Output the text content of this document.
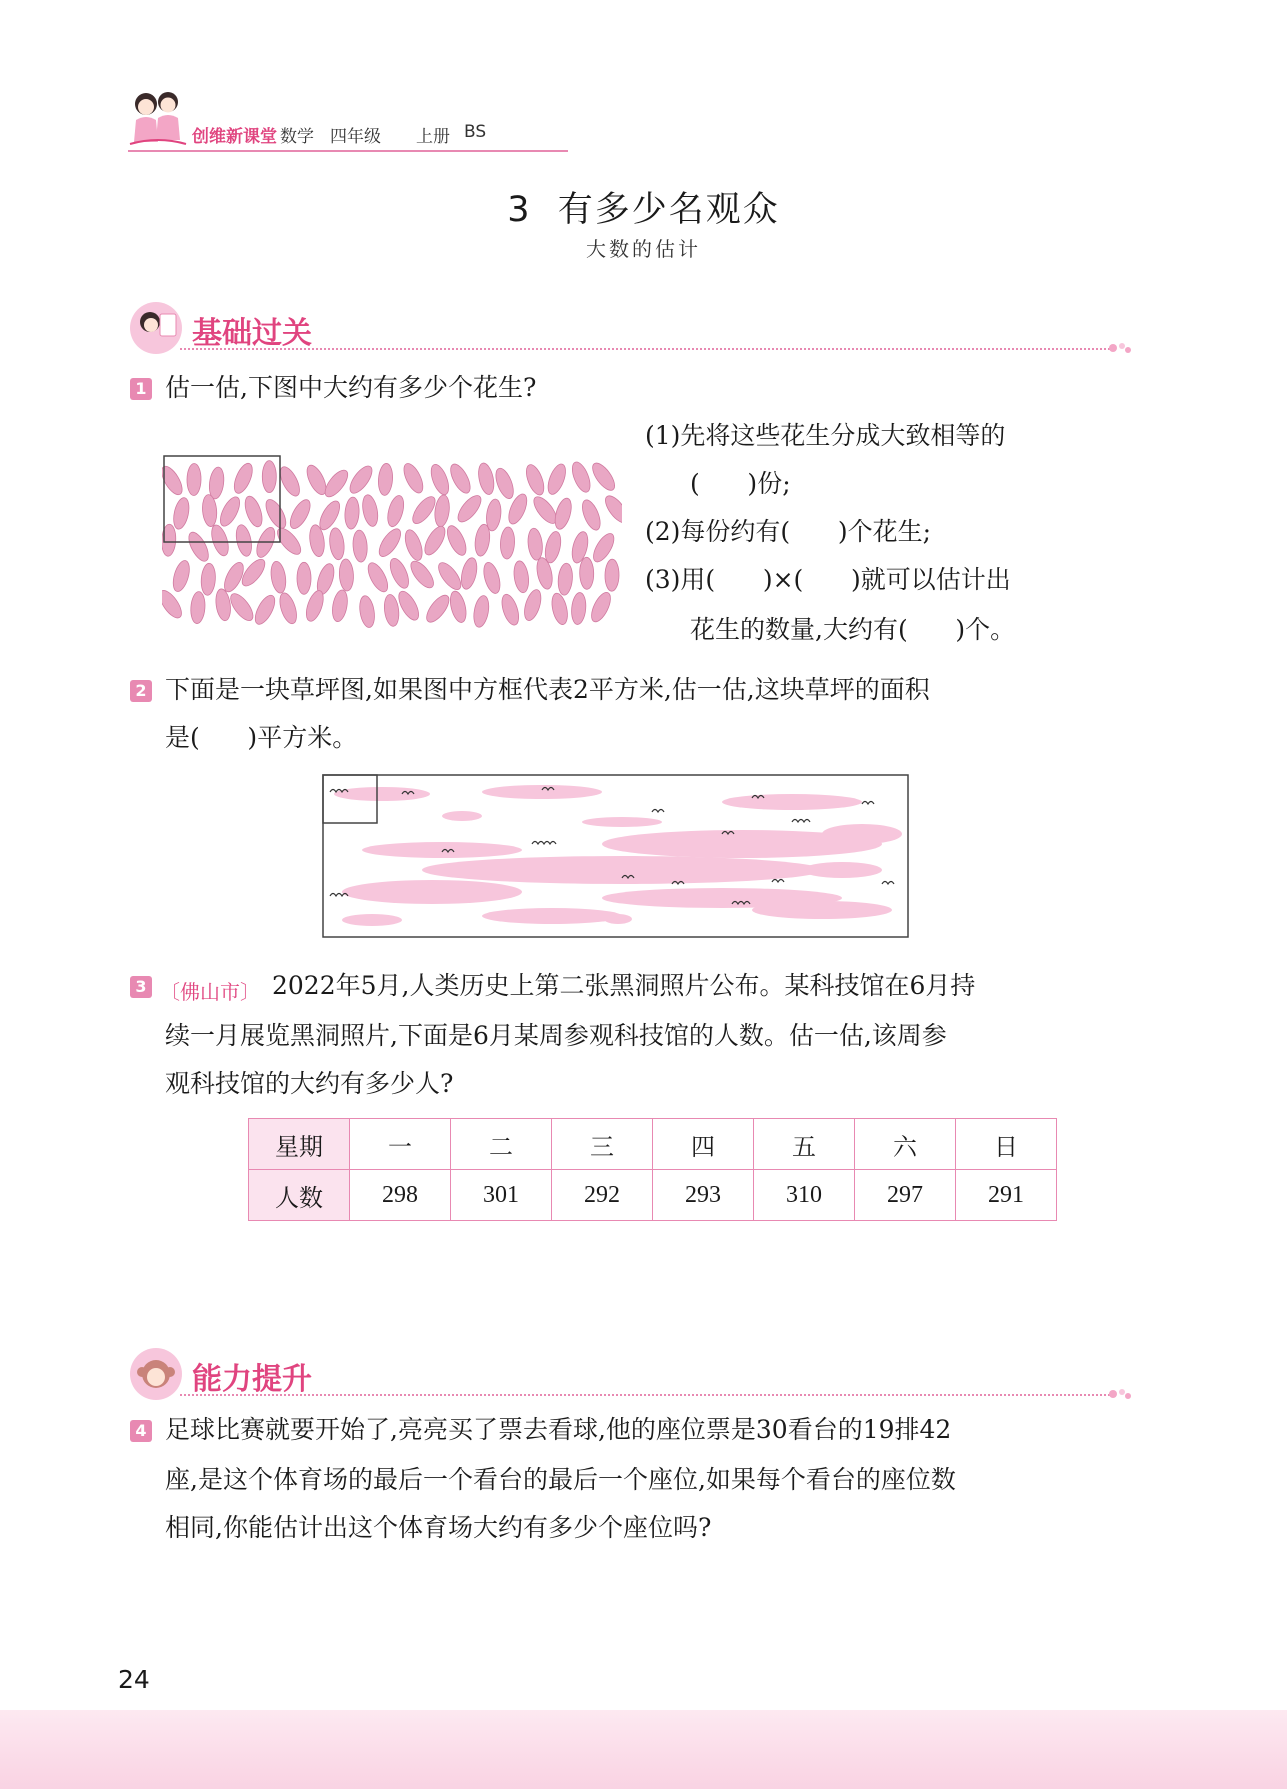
创维新课堂 数学 四年级 上册 BS
3  有多少名观众
大数的估计
基础过关
1 估一估,下图中大约有多少个花生?
(1)先将这些花生分成大致相等的
(      )份;
(2)每份约有(      )个花生;
(3)用(      )×(      )就可以估计出
花生的数量,大约有(      )个。
2 下面是一块草坪图,如果图中方框代表2平方米,估一估,这块草坪的面积
是(      )平方米。
3 〔佛山市〕 2022年5月,人类历史上第二张黑洞照片公布。某科技馆在6月持
续一月展览黑洞照片,下面是6月某周参观科技馆的人数。估一估,该周参
观科技馆的大约有多少人?
星期	一	二	三	四	五	六	日
人数	298	301	292	293	310	297	291
能力提升
4 足球比赛就要开始了,亮亮买了票去看球,他的座位票是30看台的19排42
座,是这个体育场的最后一个看台的最后一个座位,如果每个看台的座位数
相同,你能估计出这个体育场大约有多少个座位吗?
24
